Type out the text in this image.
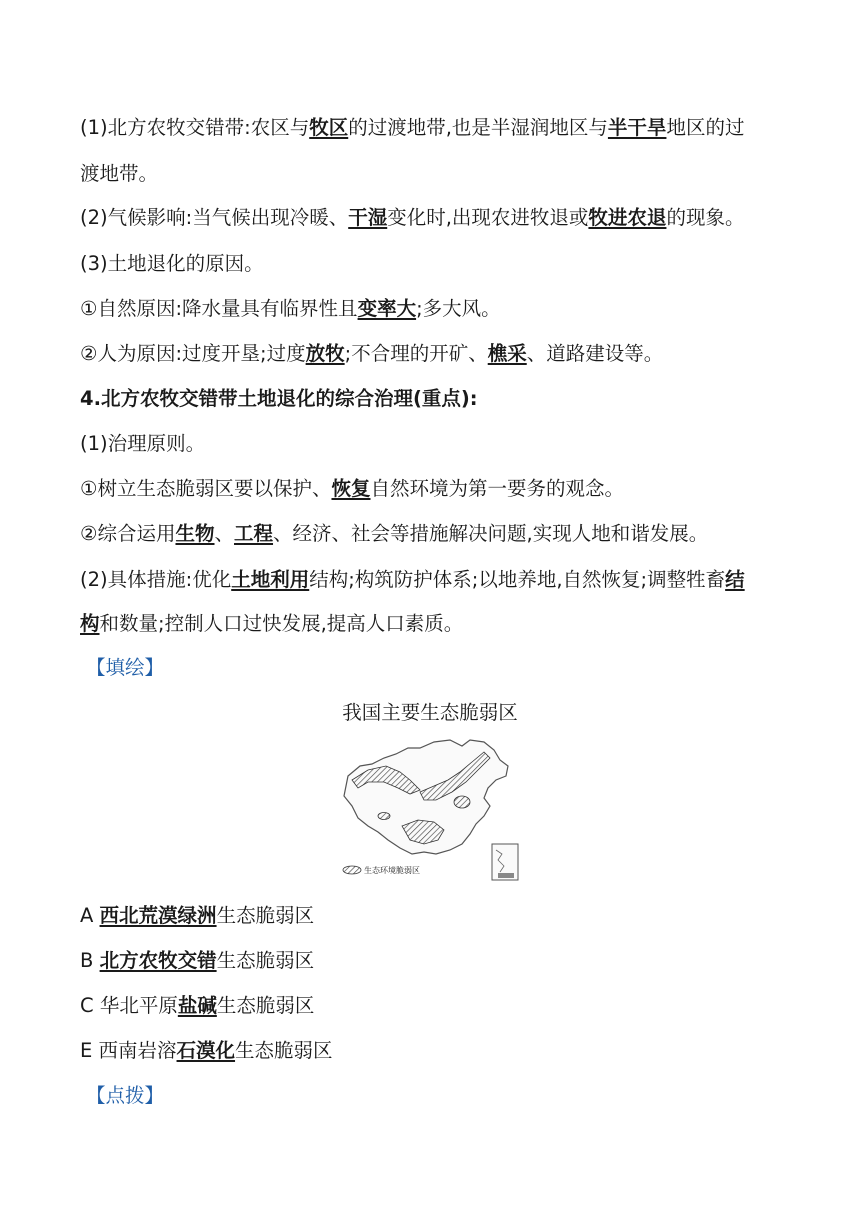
(1)北方农牧交错带:农区与牧区的过渡地带,也是半湿润地区与半干旱地区的过
渡地带。
(2)气候影响:当气候出现冷暖、干湿变化时,出现农进牧退或牧进农退的现象。
(3)土地退化的原因。
①自然原因:降水量具有临界性且变率大;多大风。
②人为原因:过度开垦;过度放牧;不合理的开矿、樵采、道路建设等。
4.北方农牧交错带土地退化的综合治理(重点):
(1)治理原则。
①树立生态脆弱区要以保护、恢复自然环境为第一要务的观念。
②综合运用生物、工程、经济、社会等措施解决问题,实现人地和谐发展。
(2)具体措施:优化土地利用结构;构筑防护体系;以地养地,自然恢复;调整牲畜结
构和数量;控制人口过快发展,提高人口素质。
【填绘】
我国主要生态脆弱区
生态环境脆弱区
A 西北荒漠绿洲生态脆弱区
B 北方农牧交错生态脆弱区
C 华北平原盐碱生态脆弱区
E 西南岩溶石漠化生态脆弱区
【点拨】
